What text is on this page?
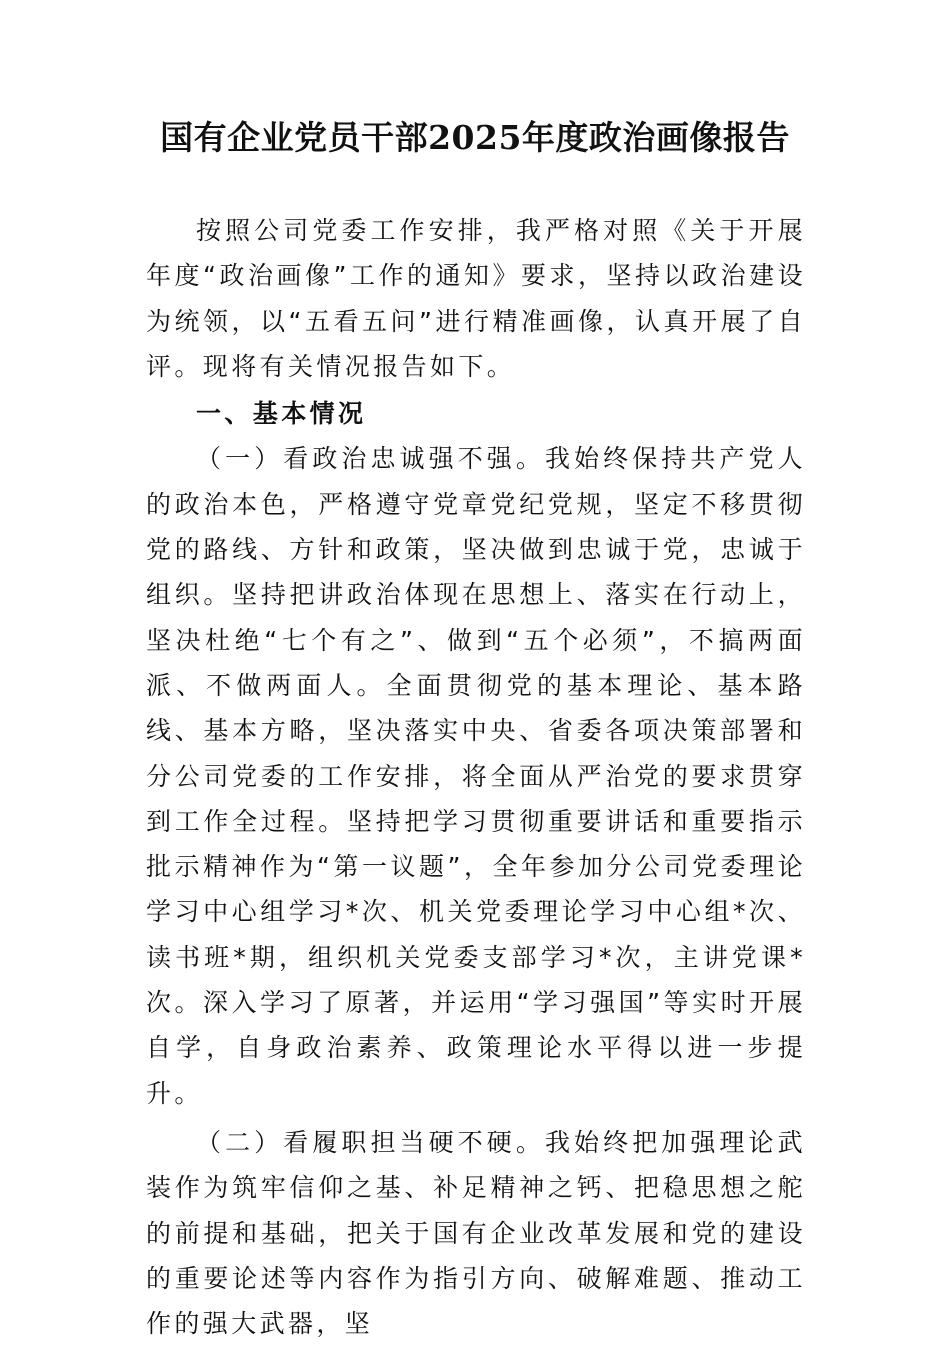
国有企业党员干部2025年度政治画像报告

按照公司党委工作安排，我严格对照《关于开展年度“政治画像”工作的通知》要求，坚持以政治建设为统领，以“五看五问”进行精准画像，认真开展了自评。现将有关情况报告如下。

一、基本情况

（一）看政治忠诚强不强。我始终保持共产党人的政治本色，严格遵守党章党纪党规，坚定不移贯彻党的路线、方针和政策，坚决做到忠诚于党，忠诚于组织。坚持把讲政治体现在思想上、落实在行动上，坚决杜绝“七个有之”、做到“五个必须”，不搞两面派、不做两面人。全面贯彻党的基本理论、基本路线、基本方略，坚决落实中央、省委各项决策部署和分公司党委的工作安排，将全面从严治党的要求贯穿到工作全过程。坚持把学习贯彻重要讲话和重要指示批示精神作为“第一议题”，全年参加分公司党委理论学习中心组学习*次、机关党委理论学习中心组*次、读书班*期，组织机关党委支部学习*次，主讲党课*次。深入学习了原著，并运用“学习强国”等实时开展自学，自身政治素养、政策理论水平得以进一步提升。

（二）看履职担当硬不硬。我始终把加强理论武装作为筑牢信仰之基、补足精神之钙、把稳思想之舵的前提和基础，把关于国有企业改革发展和党的建设的重要论述等内容作为指引方向、破解难题、推动工作的强大武器，坚
